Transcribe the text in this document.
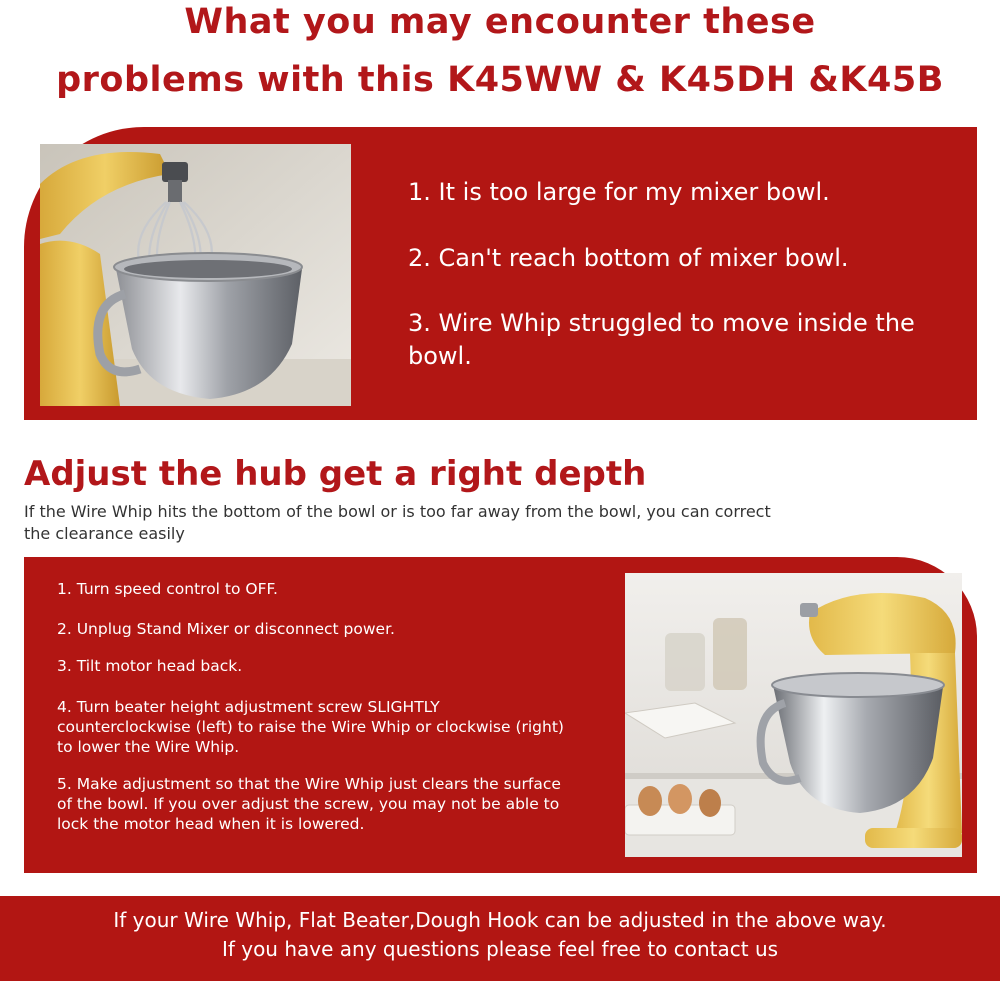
What you may encounter these
problems with this K45WW & K45DH &K45B
1. It is too large for my mixer bowl.
2. Can't reach bottom of mixer bowl.
3. Wire Whip struggled to move inside the bowl.
Adjust the hub get a right depth
If the Wire Whip hits the bottom of the bowl or is too far away from the bowl, you can correct the clearance easily
1. Turn speed control to OFF.
2. Unplug Stand Mixer or disconnect power.
3. Tilt motor head back.
4. Turn beater height adjustment screw SLIGHTLY counterclockwise (left) to raise the Wire Whip or clockwise (right) to lower the Wire Whip.
5. Make adjustment so that the Wire Whip just clears the surface of the bowl. If you over adjust the screw, you may not be able to lock the motor head when it is lowered.
If your Wire Whip, Flat Beater,Dough Hook can be adjusted in the above way.
If you have any questions please feel free to contact us
